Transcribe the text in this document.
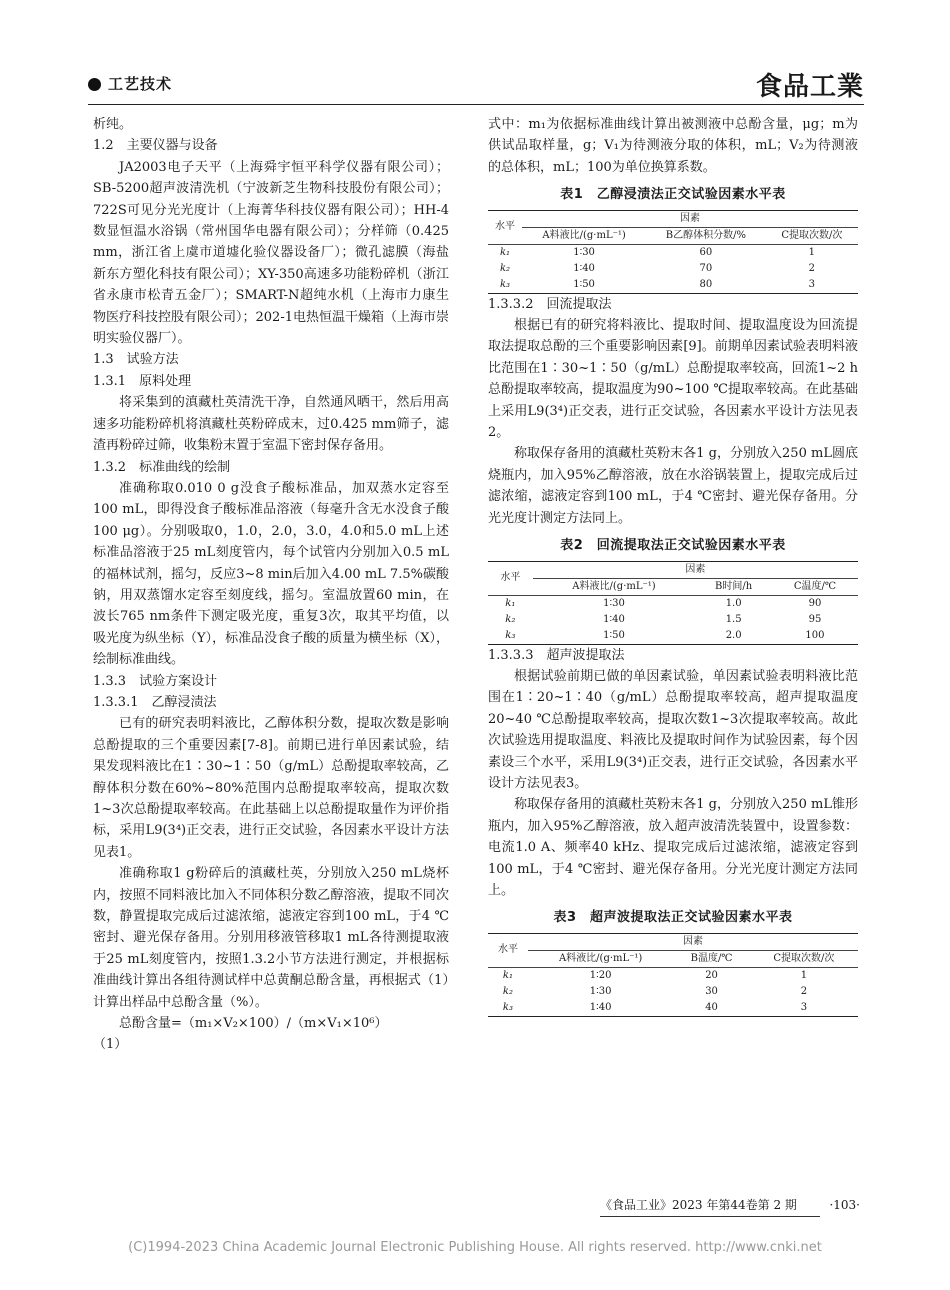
工艺技术	食品工業

析纯。

1.2　主要仪器与设备

JA2003电子天平（上海舜宇恒平科学仪器有限公司）；SB-5200超声波清洗机（宁波新芝生物科技股份有限公司）；722S可见分光光度计（上海菁华科技仪器有限公司）；HH-4数显恒温水浴锅（常州国华电器有限公司）；分样筛（0.425 mm，浙江省上虞市道墟化验仪器设备厂）；微孔滤膜（海盐新东方塑化科技有限公司）；XY-350高速多功能粉碎机（浙江省永康市松青五金厂）；SMART-N超纯水机（上海市力康生物医疗科技控股有限公司）；202-1电热恒温干燥箱（上海市崇明实验仪器厂）。

1.3　试验方法

1.3.1　原料处理

将采集到的滇藏杜英清洗干净，自然通风晒干，然后用高速多功能粉碎机将滇藏杜英粉碎成末，过0.425 mm筛子，滤渣再粉碎过筛，收集粉末置于室温下密封保存备用。

1.3.2　标准曲线的绘制

准确称取0.010 0 g没食子酸标准品，加双蒸水定容至100 mL，即得没食子酸标准品溶液（每毫升含无水没食子酸100 μg）。分别吸取0，1.0，2.0，3.0，4.0和5.0 mL上述标准品溶液于25 mL刻度管内，每个试管内分别加入0.5 mL的福林试剂，摇匀，反应3~8 min后加入4.00 mL 7.5%碳酸钠，用双蒸馏水定容至刻度线，摇匀。室温放置60 min，在波长765 nm条件下测定吸光度，重复3次，取其平均值，以吸光度为纵坐标（Y），标准品没食子酸的质量为横坐标（X），绘制标准曲线。

1.3.3　试验方案设计

1.3.3.1　乙醇浸渍法

已有的研究表明料液比，乙醇体积分数，提取次数是影响总酚提取的三个重要因素[7-8]。前期已进行单因素试验，结果发现料液比在1∶30~1∶50（g/mL）总酚提取率较高，乙醇体积分数在60%~80%范围内总酚提取率较高，提取次数1~3次总酚提取率较高。在此基础上以总酚提取量作为评价指标，采用L9(3⁴)正交表，进行正交试验，各因素水平设计方法见表1。

准确称取1 g粉碎后的滇藏杜英，分别放入250 mL烧杯内，按照不同料液比加入不同体积分数乙醇溶液，提取不同次数，静置提取完成后过滤浓缩，滤液定容到100 mL，于4 ℃密封、避光保存备用。分别用移液管移取1 mL各待测提取液于25 mL刻度管内，按照1.3.2小节方法进行测定，并根据标准曲线计算出各组待测试样中总黄酮总酚含量，再根据式（1）计算出样品中总酚含量（%）。

总酚含量=（m₁×V₂×100）/（m×V₁×10⁶）

（1）

式中：m₁为依据标准曲线计算出被测液中总酚含量，μg；m为供试品取样量，g；V₁为待测液分取的体积，mL；V₂为待测液的总体积，mL；100为单位换算系数。

表1　乙醇浸渍法正交试验因素水平表
水平	因素		
	A料液比/(g·mL⁻¹)	B乙醇体积分数/%	C提取次数/次
k₁	1∶30	60	1
k₂	1∶40	70	2
k₃	1∶50	80	3

1.3.3.2　回流提取法

根据已有的研究将料液比、提取时间、提取温度设为回流提取法提取总酚的三个重要影响因素[9]。前期单因素试验表明料液比范围在1∶30~1∶50（g/mL）总酚提取率较高，回流1~2 h总酚提取率较高，提取温度为90~100 ℃提取率较高。在此基础上采用L9(3⁴)正交表，进行正交试验，各因素水平设计方法见表2。

称取保存备用的滇藏杜英粉末各1 g，分别放入250 mL圆底烧瓶内，加入95%乙醇溶液，放在水浴锅装置上，提取完成后过滤浓缩，滤液定容到100 mL，于4 ℃密封、避光保存备用。分光光度计测定方法同上。

表2　回流提取法正交试验因素水平表
水平	因素		
	A料液比/(g·mL⁻¹)	B时间/h	C温度/℃
k₁	1∶30	1.0	90
k₂	1∶40	1.5	95
k₃	1∶50	2.0	100

1.3.3.3　超声波提取法

根据试验前期已做的单因素试验，单因素试验表明料液比范围在1∶20~1∶40（g/mL）总酚提取率较高，超声提取温度20~40 ℃总酚提取率较高，提取次数1~3次提取率较高。故此次试验选用提取温度、料液比及提取时间作为试验因素，每个因素设三个水平，采用L9(3⁴)正交表，进行正交试验，各因素水平设计方法见表3。

称取保存备用的滇藏杜英粉末各1 g，分别放入250 mL锥形瓶内，加入95%乙醇溶液，放入超声波清洗装置中，设置参数：电流1.0 A、频率40 kHz、提取完成后过滤浓缩，滤液定容到100 mL，于4 ℃密封、避光保存备用。分光光度计测定方法同上。

表3　超声波提取法正交试验因素水平表
水平	因素		
	A料液比/(g·mL⁻¹)	B温度/℃	C提取次数/次
k₁	1∶20	20	1
k₂	1∶30	30	2
k₃	1∶40	40	3
《食品工业》2023 年第44卷第 2 期	·103·
(C)1994-2023 China Academic Journal Electronic Publishing House. All rights reserved. http://www.cnki.net
